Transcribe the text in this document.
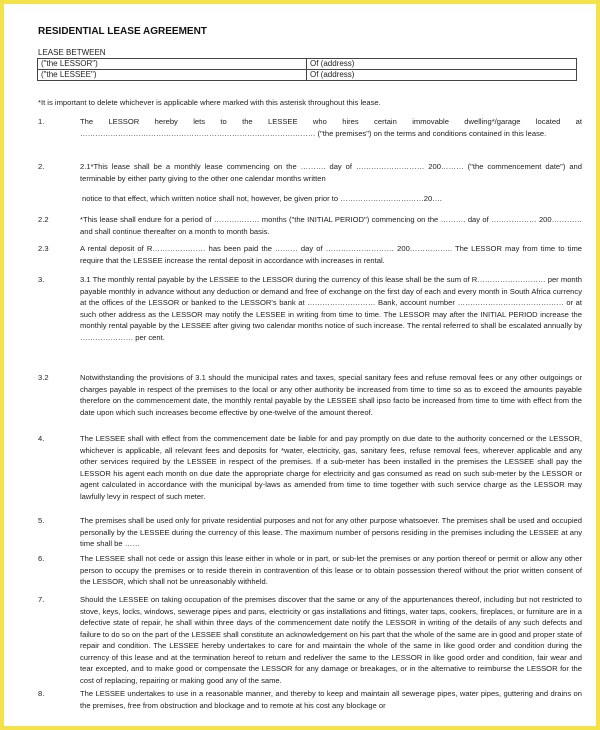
RESIDENTIAL LEASE AGREEMENT
LEASE BETWEEN
("the LESSOR")	Of (address)
("the LESSEE")	Of (address)
*It is important to delete whichever is applicable where marked with this asterisk throughout this lease.
1.	The LESSOR hereby lets to the LESSEE who hires certain immovable dwelling*/garage located at ………………………………………………………………………………… ("the premises") on the terms and conditions contained in this lease.
2.	2.1*This lease shall be a monthly lease commencing on the ………. day of ……………………… 200……… ("the commencement date") and terminable by either party giving to the other one calendar months written
notice to that effect, which written notice shall not, however, be given prior to ……………………………20….
2.2	*This lease shall endure for a period of ……………… months ("the INITIAL PERIOD") commencing on the ………. day of ……………… 200………… and shall continue thereafter on a month to month basis.
2.3	A rental deposit of R………………… has been paid the ……… day of ……………………… 200…………….. The LESSOR may from time to time require that the LESSEE increase the rental deposit in accordance with increases in rental.
3.	3.1 The monthly rental payable by the LESSEE to the LESSOR during the currency of this lease shall be the sum of R……………………… per month payable monthly in advance without any deduction or demand and free of exchange on the first day of each and every month in South Africa currency at the offices of the LESSOR or banked to the LESSOR's bank at ……………………… Bank, account number …………………………………… or at such other address as the LESSOR may notify the LESSEE in writing from time to time. The LESSOR may after the INITIAL PERIOD increase the monthly rental payable by the LESSEE after giving two calendar months notice of such increase. The rental referred to shall be escalated annually by ………………… per cent.
3.2	Notwithstanding the provisions of 3.1 should the municipal rates and taxes, special sanitary fees and refuse removal fees or any other outgoings or charges payable in respect of the premises to the local or any other authority be increased from time to time so as to exceed the amounts payable therefore on the commencement date, the monthly rental payable by the LESSEE shall ipso facto be increased from time to time with effect from the date upon which such increases become effective by one-twelve of the amount thereof.
4.	The LESSEE shall with effect from the commencement date be liable for and pay promptly on due date to the authority concerned or the LESSOR, whichever is applicable, all relevant fees and deposits for *water, electricity, gas, sanitary fees, refuse removal fees, wherever applicable and any other services required by the LESSEE in respect of the premises. If a sub-meter has been installed in the premises the LESSEE shall pay the LESSOR his agent each month on due date the appropriate charge for electricity and gas consumed as read on such sub-meter by the LESSOR or agent calculated in accordance with the municipal by-laws as amended from time to time together with such service charge as the LESSOR may lawfully levy in respect of such meter.
5.	The premises shall be used only for private residential purposes and not for any other purpose whatsoever. The premises shall be used and occupied personally by the LESSEE during the currency of this lease. The maximum number of persons residing in the premises including the LESSEE at any time shall be ……
6.	The LESSEE shall not cede or assign this lease either in whole or in part, or sub-let the premises or any portion thereof or permit or allow any other person to occupy the premises or to reside therein in contravention of this lease or to obtain possession thereof without the prior written consent of the LESSOR, which shall not be unreasonably withheld.
7.	Should the LESSEE on taking occupation of the premises discover that the same or any of the appurtenances thereof, including but not restricted to stove, keys, locks, windows, sewerage pipes and pans, electricity or gas installations and fittings, water taps, cookers, fireplaces, or furniture are in a defective state of repair, he shall within three days of the commencement date notify the LESSOR in writing of the details of any such defects and failure to do so on the part of the LESSEE shall constitute an acknowledgement on his part that the whole of the same are in good and proper state of repair and condition. The LESSEE hereby undertakes to care for and maintain the whole of the same in like good order and condition during the currency of this lease and at the termination hereof to return and redeliver the same to the LESSOR in like good order and condition, fair wear and tear excepted, and to make good or compensate the LESSOR for any damage or breakages, or in the alternative to reimburse the LESSOR for the cost of replacing, repairing or making good any of the same.
8.	The LESSEE undertakes to use in a reasonable manner, and thereby to keep and maintain all sewerage pipes, water pipes, guttering and drains on the premises, free from obstruction and blockage and to remote at his cost any blockage or
